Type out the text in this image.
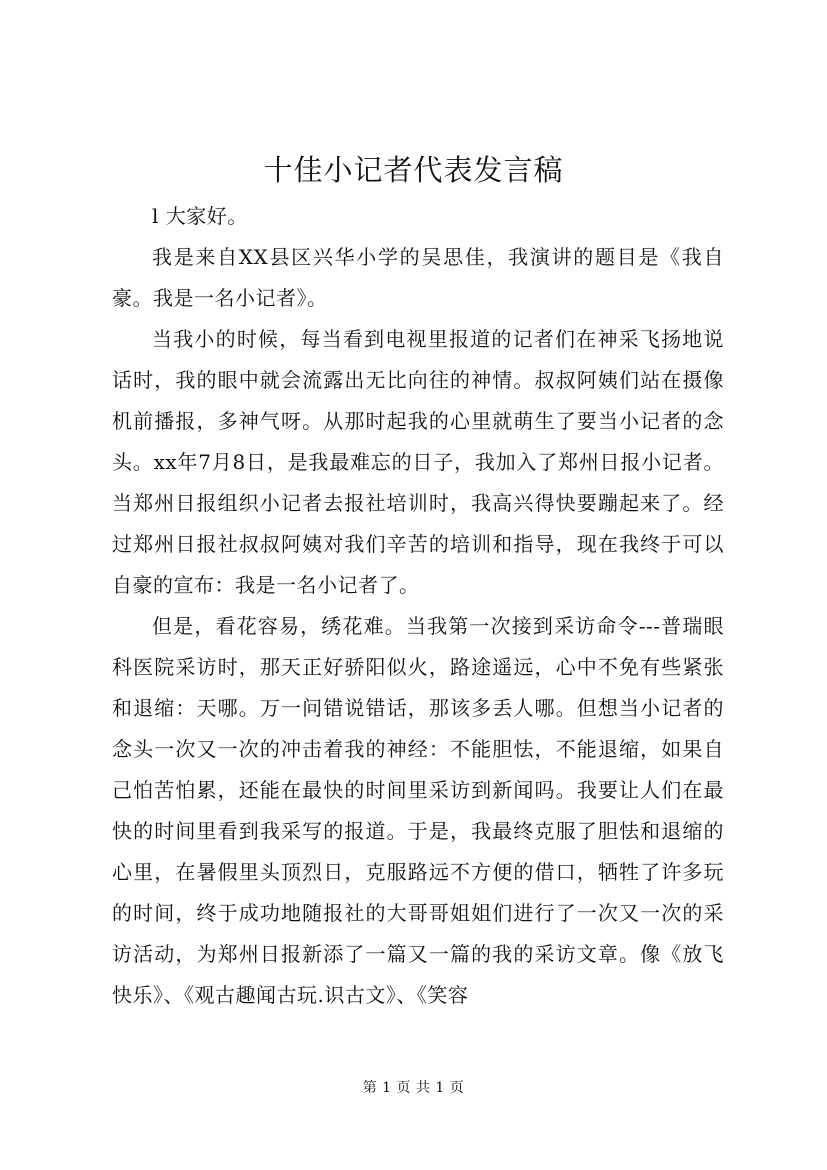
十佳小记者代表发言稿

l 大家好。

我是来自XX县区兴华小学的吴思佳，我演讲的题目是《我自豪。我是一名小记者》。

当我小的时候，每当看到电视里报道的记者们在神采飞扬地说话时，我的眼中就会流露出无比向往的神情。叔叔阿姨们站在摄像机前播报，多神气呀。从那时起我的心里就萌生了要当小记者的念头。xx年7月8日，是我最难忘的日子，我加入了郑州日报小记者。当郑州日报组织小记者去报社培训时，我高兴得快要蹦起来了。经过郑州日报社叔叔阿姨对我们辛苦的培训和指导，现在我终于可以自豪的宣布：我是一名小记者了。

但是，看花容易，绣花难。当我第一次接到采访命令---普瑞眼科医院采访时，那天正好骄阳似火，路途遥远，心中不免有些紧张和退缩：天哪。万一问错说错话，那该多丢人哪。但想当小记者的念头一次又一次的冲击着我的神经：不能胆怯，不能退缩，如果自己怕苦怕累，还能在最快的时间里采访到新闻吗。我要让人们在最快的时间里看到我采写的报道。于是，我最终克服了胆怯和退缩的心里，在暑假里头顶烈日，克服路远不方便的借口，牺牲了许多玩的时间，终于成功地随报社的大哥哥姐姐们进行了一次又一次的采访活动，为郑州日报新添了一篇又一篇的我的采访文章。像《放飞快乐》、《观古趣闻古玩.识古文》、《笑容

第 1 页 共 1 页
